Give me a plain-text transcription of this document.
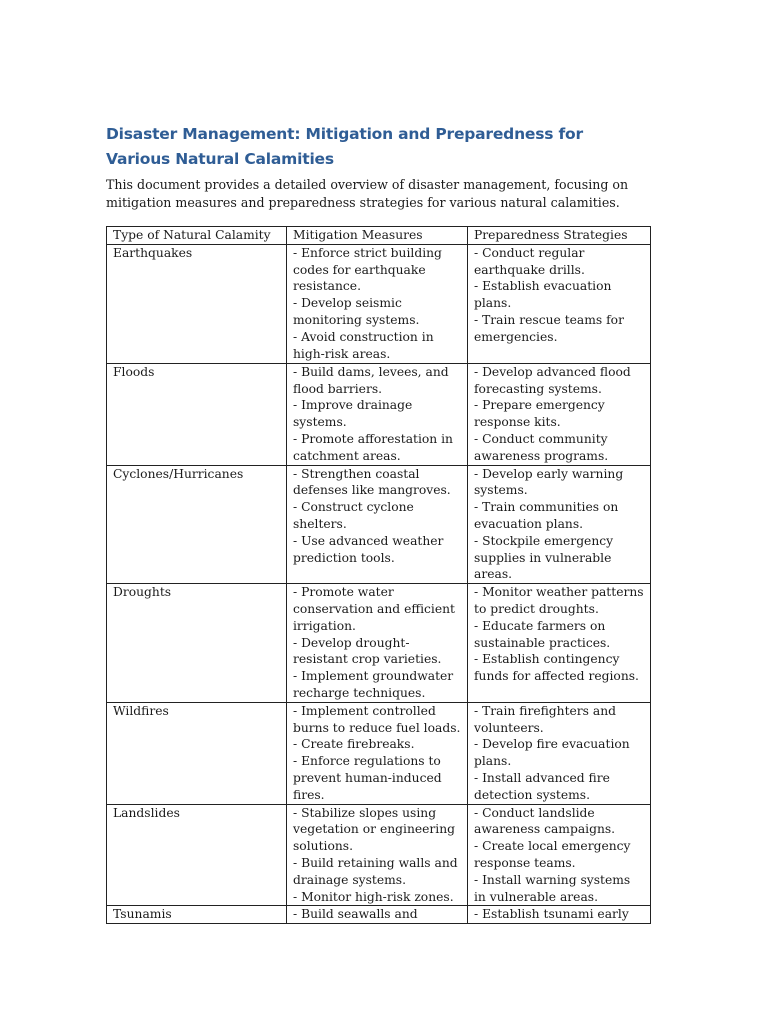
Disaster Management: Mitigation and Preparedness for Various Natural Calamities

This document provides a detailed overview of disaster management, focusing on mitigation measures and preparedness strategies for various natural calamities.

Type of Natural Calamity	Mitigation Measures	Preparedness Strategies
Earthquakes	- Enforce strict building codes for earthquake resistance.
- Develop seismic monitoring systems.
- Avoid construction in high-risk areas.	- Conduct regular earthquake drills.
- Establish evacuation plans.
- Train rescue teams for emergencies.

Floods	- Build dams, levees, and flood barriers.
- Improve drainage systems.
- Promote afforestation in catchment areas.	- Develop advanced flood forecasting systems.
- Prepare emergency response kits.
- Conduct community awareness programs.

Cyclones/Hurricanes	- Strengthen coastal defenses like mangroves.
- Construct cyclone shelters.
- Use advanced weather prediction tools.	- Develop early warning systems.
- Train communities on evacuation plans.
- Stockpile emergency supplies in vulnerable areas.

Droughts	- Promote water conservation and efficient irrigation.
- Develop drought-resistant crop varieties.
- Implement groundwater recharge techniques.	- Monitor weather patterns to predict droughts.
- Educate farmers on sustainable practices.
- Establish contingency funds for affected regions.

Wildfires	- Implement controlled burns to reduce fuel loads.
- Create firebreaks.
- Enforce regulations to prevent human-induced fires.	- Train firefighters and volunteers.
- Develop fire evacuation plans.
- Install advanced fire detection systems.

Landslides	- Stabilize slopes using vegetation or engineering solutions.
- Build retaining walls and drainage systems.
- Monitor high-risk zones.	- Conduct landslide awareness campaigns.
- Create local emergency response teams.
- Install warning systems in vulnerable areas.

Tsunamis	- Build seawalls and	- Establish tsunami early
